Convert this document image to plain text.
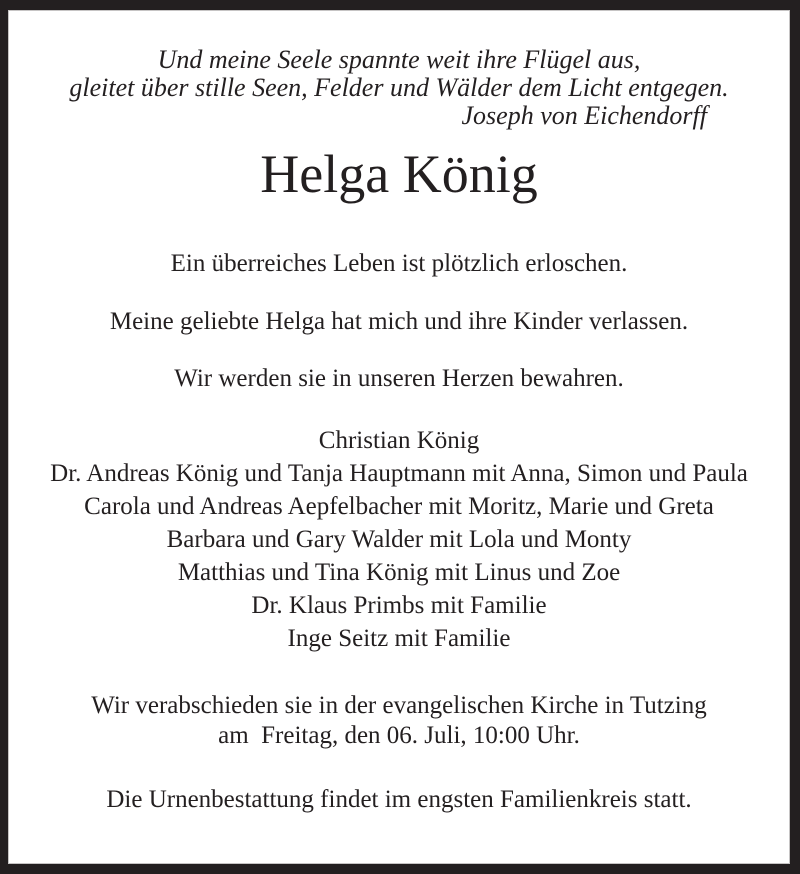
Und meine Seele spannte weit ihre Flügel aus,
gleitet über stille Seen, Felder und Wälder dem Licht entgegen.
Joseph von Eichendorff
Helga König
Ein überreiches Leben ist plötzlich erloschen.
Meine geliebte Helga hat mich und ihre Kinder verlassen.
Wir werden sie in unseren Herzen bewahren.
Christian König
Dr. Andreas König und Tanja Hauptmann mit Anna, Simon und Paula
Carola und Andreas Aepfelbacher mit Moritz, Marie und Greta
Barbara und Gary Walder mit Lola und Monty
Matthias und Tina König mit Linus und Zoe
Dr. Klaus Primbs mit Familie
Inge Seitz mit Familie
Wir verabschieden sie in der evangelischen Kirche in Tutzing
am  Freitag, den 06. Juli, 10:00 Uhr.
Die Urnenbestattung findet im engsten Familienkreis statt.
